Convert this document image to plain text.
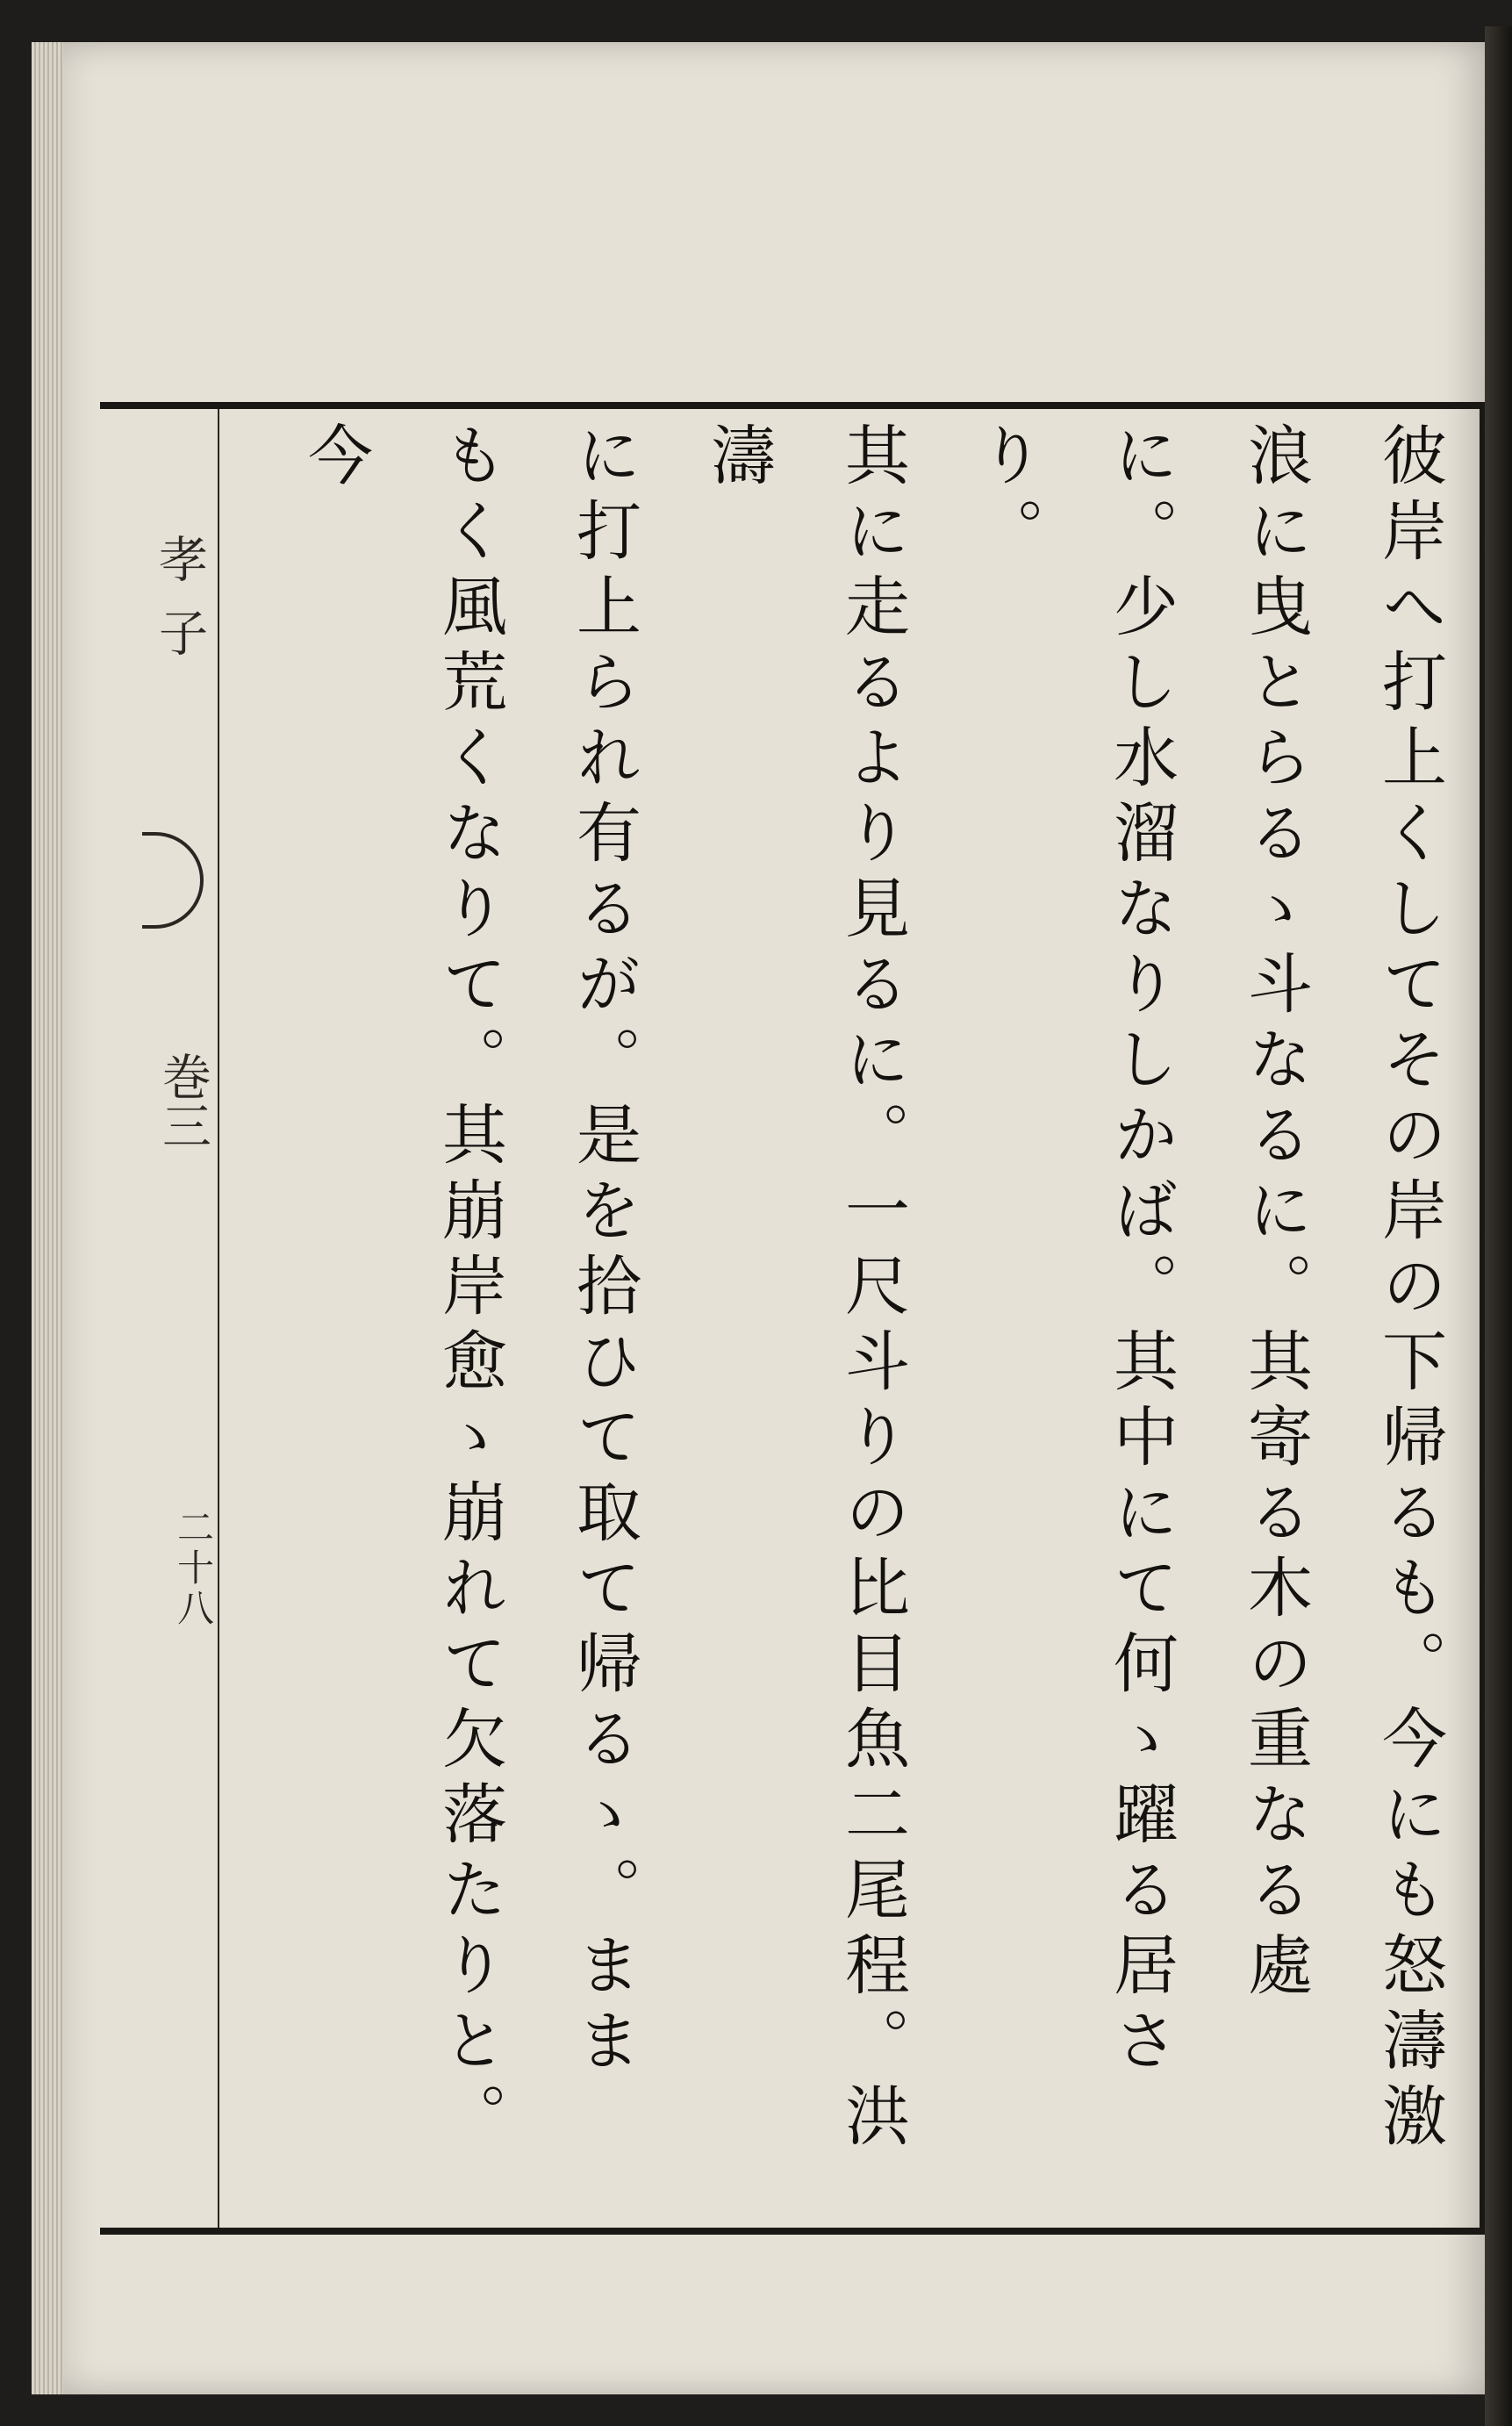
孝子
巻三
二十八	彼岸へ打上くしてその岸の下帰るも。今にも怒濤激
浪に曳とらるゝ斗なるに。其寄る木の重なる處
に。少し水溜なりしかば。其中にて何ゝ躍る居さり。
其に走るより見るに。一尺斗りの比目魚二尾程。洪濤
に打上られ有るが。是を拾ひて取て帰るゝ。まま
もく風荒くなりて。其崩岸愈ゝ崩れて欠落たりと。今
